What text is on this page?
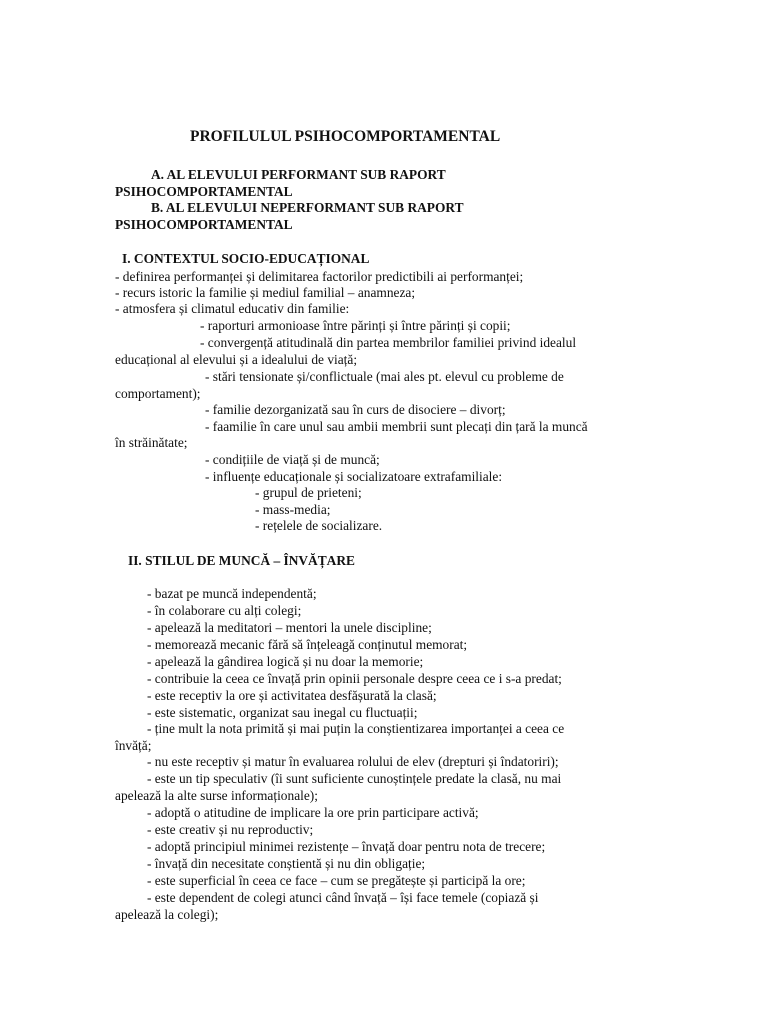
PROFILULUL PSIHOCOMPORTAMENTAL
A. AL ELEVULUI PERFORMANT SUB RAPORT
PSIHOCOMPORTAMENTAL
B. AL ELEVULUI NEPERFORMANT SUB RAPORT
PSIHOCOMPORTAMENTAL
I. CONTEXTUL SOCIO-EDUCAȚIONAL
- definirea performanței și delimitarea factorilor predictibili ai performanței;
- recurs istoric la familie și mediul familial – anamneza;
- atmosfera și climatul educativ din familie:
- raporturi armonioase între părinți și între părinți și copii;
- convergență atitudinală din partea membrilor familiei privind idealul
educațional al elevului și a idealului de viață;
- stări tensionate și/conflictuale (mai ales pt. elevul cu probleme de
comportament);
- familie dezorganizată sau în curs de disociere – divorț;
- faamilie în care unul sau ambii membrii sunt plecați din țară la muncă
în străinătate;
- condițiile de viață și de muncă;
- influențe educaționale și socializatoare extrafamiliale:
- grupul de prieteni;
- mass-media;
- rețelele de socializare.
II. STILUL DE MUNCĂ – ÎNVĂȚARE
- bazat pe muncă independentă;
- în colaborare cu alți colegi;
- apelează la meditatori – mentori la unele discipline;
- memorează mecanic fără să înțeleagă conținutul memorat;
- apelează la gândirea logică și nu doar la memorie;
- contribuie la ceea ce învață prin opinii personale despre ceea ce i s-a predat;
- este receptiv la ore și activitatea desfășurată la clasă;
- este sistematic, organizat sau inegal cu fluctuații;
- ține mult la nota primită și mai puțin la conștientizarea importanței a ceea ce
învăță;
- nu este receptiv și matur în evaluarea rolului de elev (drepturi și îndatoriri);
- este un tip speculativ (îi sunt suficiente cunoștințele predate la clasă, nu mai
apelează la alte surse informaționale);
- adoptă o atitudine de implicare la ore prin participare activă;
- este creativ și nu reproductiv;
- adoptă principiul minimei rezistențe – învață doar pentru nota de trecere;
- învață din necesitate conștientă și nu din obligație;
- este superficial în ceea ce face – cum se pregătește și participă la ore;
- este dependent de colegi atunci când învață – își face temele (copiază și
apelează la colegi);
